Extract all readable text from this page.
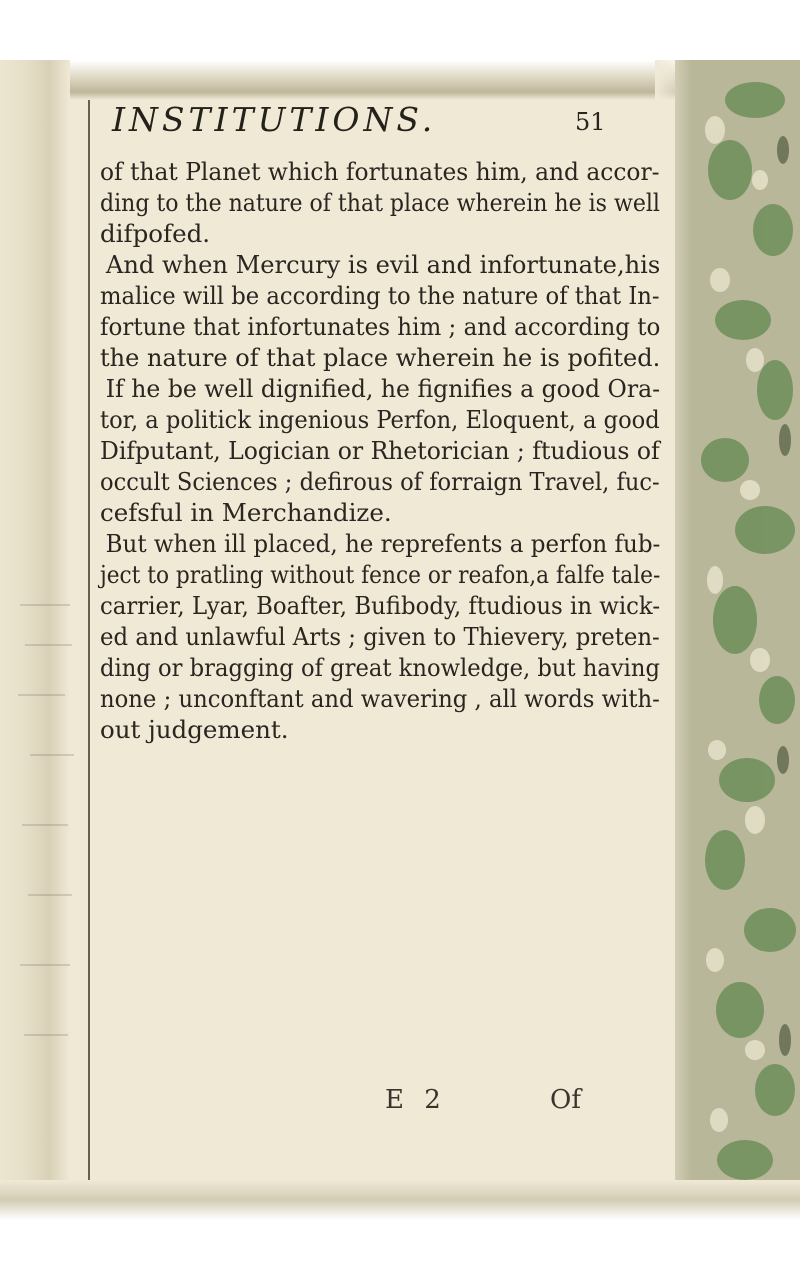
INSTITUTIONS.	51
of that Planet which fortunates him, and accor-
ding to the nature of that place wherein he is well
difpofed.
And when Mercury is evil and infortunate,his
malice will be according to the nature of that In-
fortune that infortunates him ; and according to
the nature of that place wherein he is pofited.
If he be well dignified, he fignifies a good Ora-
tor, a politick ingenious Perfon, Eloquent, a good
Difputant, Logician or Rhetorician ; ftudious of
occult Sciences ; defirous of forraign Travel, fuc-
cefsful in Merchandize.
But when ill placed, he reprefents a perfon fub-
ject to pratling without fence or reafon,a falfe tale-
carrier, Lyar, Boafter, Bufibody, ftudious in wick-
ed and unlawful Arts ; given to Thievery, preten-
ding or bragging of great knowledge, but having
none ; unconftant and wavering , all words with-
out judgement.
E 2	Of
